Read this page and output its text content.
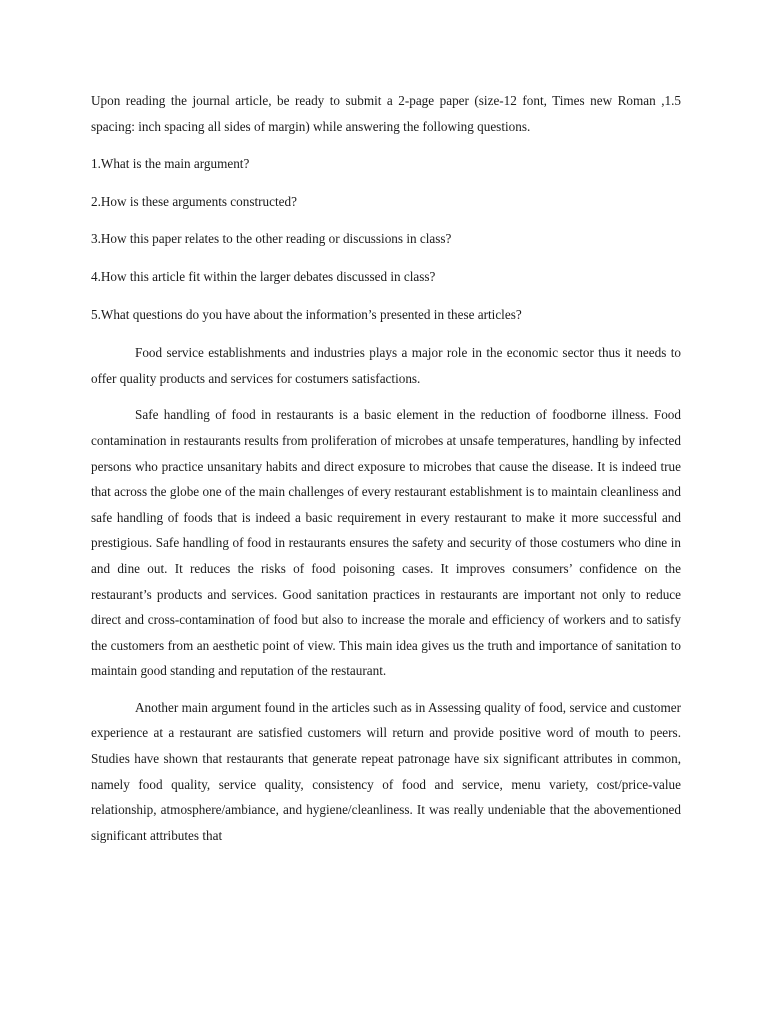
Upon reading the journal article, be ready to submit a 2-page paper (size-12 font, Times new Roman ,1.5 spacing: inch spacing all sides of margin) while answering the following questions.

1.What is the main argument?

2.How is these arguments constructed?

3.How this paper relates to the other reading or discussions in class?

4.How this article fit within the larger debates discussed in class?

5.What questions do you have about the information’s presented in these articles?

Food service establishments and industries plays a major role in the economic sector thus it needs to offer quality products and services for costumers satisfactions.

Safe handling of food in restaurants is a basic element in the reduction of foodborne illness. Food contamination in restaurants results from proliferation of microbes at unsafe temperatures, handling by infected persons who practice unsanitary habits and direct exposure to microbes that cause the disease. It is indeed true that across the globe one of the main challenges of every restaurant establishment is to maintain cleanliness and safe handling of foods that is indeed a basic requirement in every restaurant to make it more successful and prestigious. Safe handling of food in restaurants ensures the safety and security of those costumers who dine in and dine out. It reduces the risks of food poisoning cases. It improves consumers’ confidence on the restaurant’s products and services. Good sanitation practices in restaurants are important not only to reduce direct and cross-contamination of food but also to increase the morale and efficiency of workers and to satisfy the customers from an aesthetic point of view. This main idea gives us the truth and importance of sanitation to maintain good standing and reputation of the restaurant.

Another main argument found in the articles such as in Assessing quality of food, service and customer experience at a restaurant are satisfied customers will return and provide positive word of mouth to peers. Studies have shown that restaurants that generate repeat patronage have six significant attributes in common, namely food quality, service quality, consistency of food and service, menu variety, cost/price-value relationship, atmosphere/ambiance, and hygiene/cleanliness. It was really undeniable that the abovementioned significant attributes that
